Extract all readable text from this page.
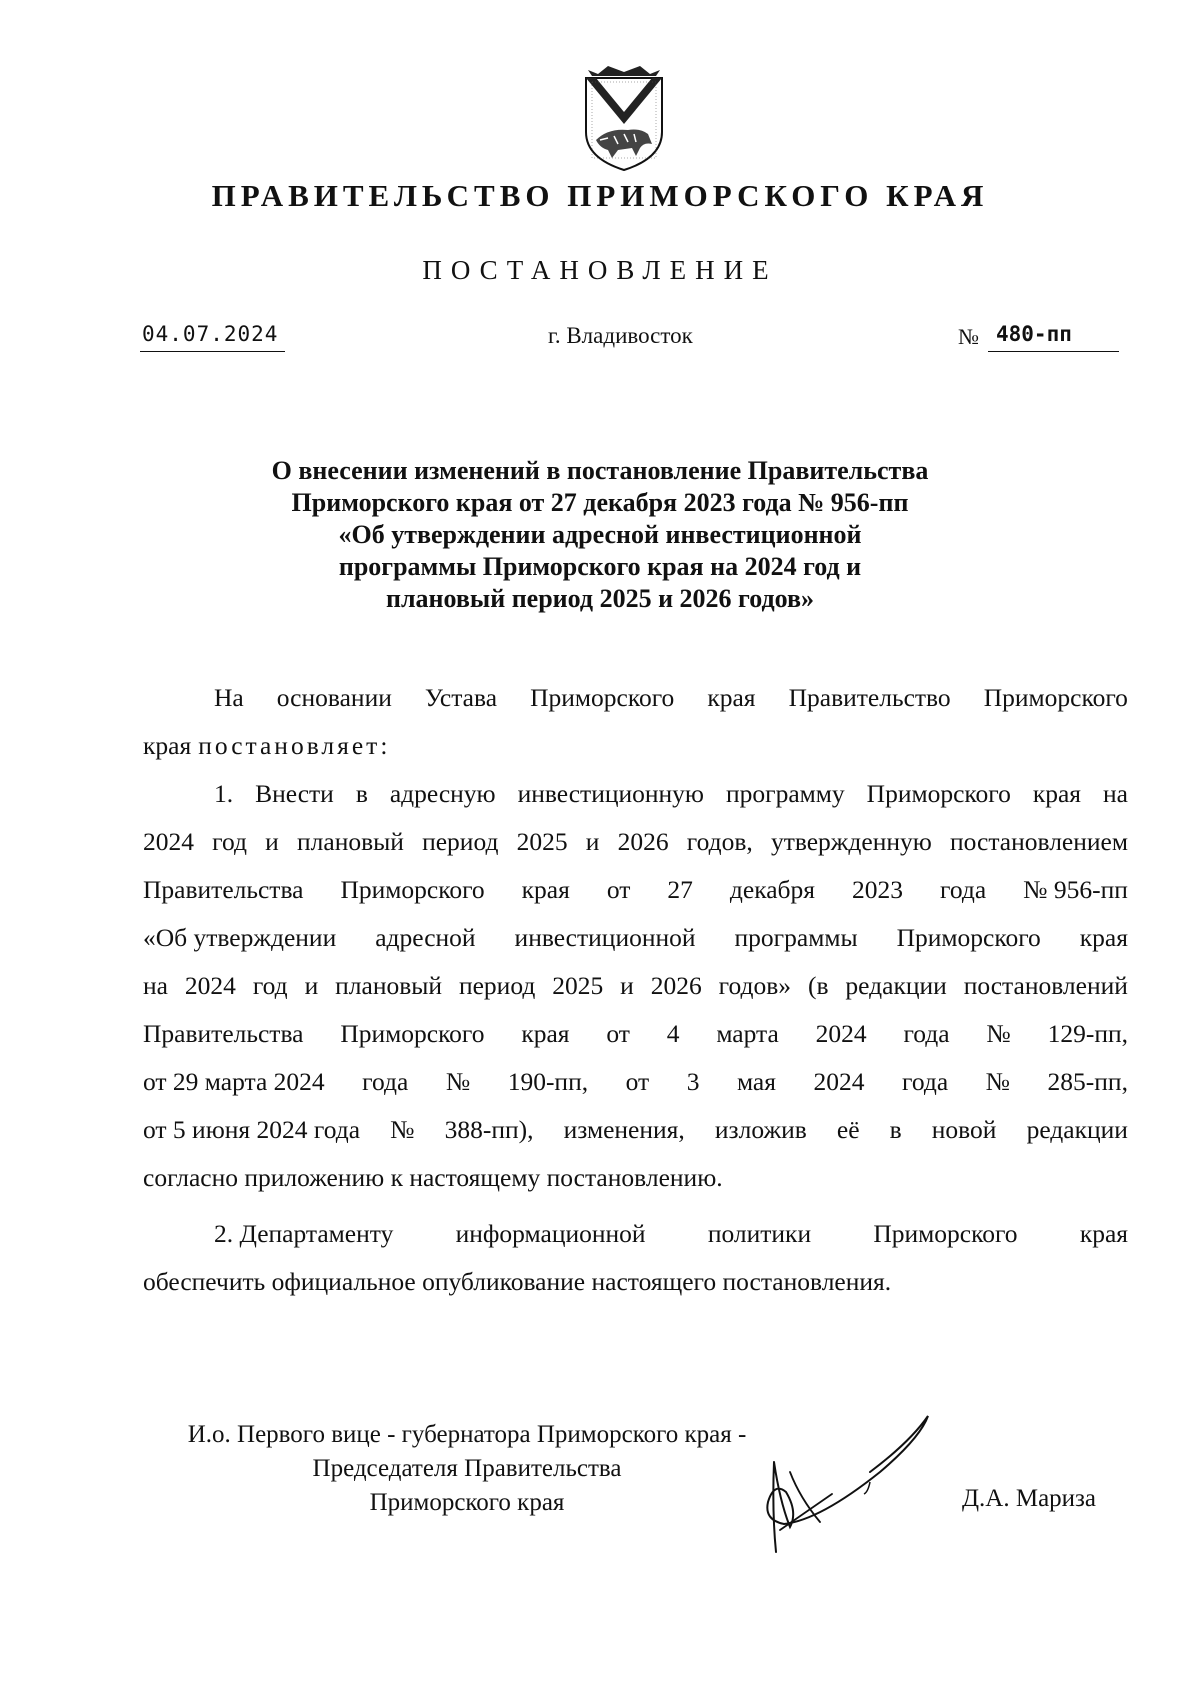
ПРАВИТЕЛЬСТВО ПРИМОРСКОГО КРАЯ
ПОСТАНОВЛЕНИЕ
04.07.2024	г. Владивосток	№ 480-пп
О внесении изменений в постановление Правительства
Приморского края от 27 декабря 2023 года № 956-пп
«Об утверждении адресной инвестиционной
программы Приморского края на 2024 год и
плановый период 2025 и 2026 годов»
На основании Устава Приморского края Правительство Приморского
края постановляет:
1. Внести в адресную инвестиционную программу Приморского края на
2024 год и плановый период 2025 и 2026 годов, утвержденную постановлением
Правительства Приморского края от 27 декабря 2023 года № 956-пп
«Об утверждении адресной инвестиционной программы Приморского края
на 2024 год и плановый период 2025 и 2026 годов» (в редакции постановлений
Правительства Приморского края от 4 марта 2024 года № 129-пп,
от 29 марта 2024 года № 190-пп, от 3 мая 2024 года № 285-пп,
от 5 июня 2024 года № 388-пп), изменения, изложив её в новой редакции
согласно приложению к настоящему постановлению.
2. Департаменту информационной политики Приморского края
обеспечить официальное опубликование настоящего постановления.
И.о. Первого вице - губернатора Приморского края -
Председателя Правительства
Приморского края	Д.А. Мариза
